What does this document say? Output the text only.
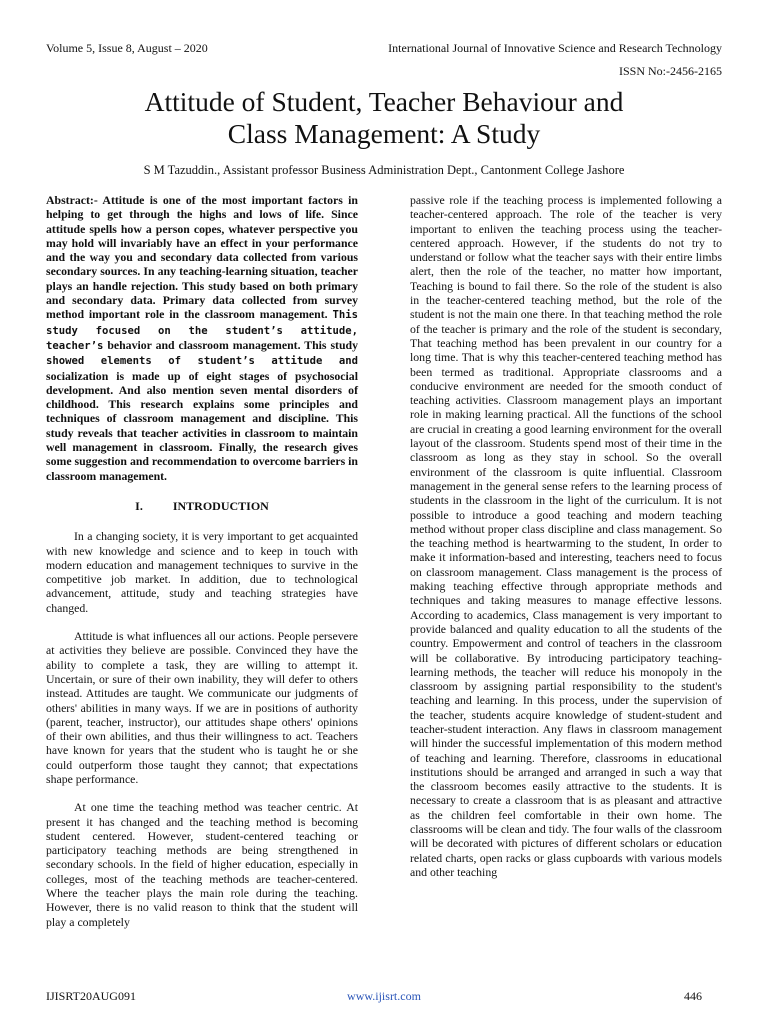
Volume 5, Issue 8, August – 2020	International Journal of Innovative Science and Research Technology
ISSN No:-2456-2165
Attitude of Student, Teacher Behaviour and
Class Management: A Study
S M Tazuddin., Assistant professor Business Administration Dept., Cantonment College Jashore

Abstract:- Attitude is one of the most important factors in helping to get through the highs and lows of life. Since attitude spells how a person copes, whatever perspective you may hold will invariably have an effect in your performance and the way you and secondary data collected from various secondary sources. In any teaching-learning situation, teacher plays an handle rejection. This study based on both primary and secondary data. Primary data collected from survey method important role in the classroom management. This study focused on the student’s attitude, teacher’s behavior and classroom management. This study showed elements of student’s attitude and socialization is made up of eight stages of psychosocial development. And also mention seven mental disorders of childhood. This research explains some principles and techniques of classroom management and discipline. This study reveals that teacher activities in classroom to maintain well management in classroom. Finally, the research gives some suggestion and recommendation to overcome barriers in classroom management.

I.	INTRODUCTION

In a changing society, it is very important to get acquainted with new knowledge and science and to keep in touch with modern education and management techniques to survive in the competitive job market. In addition, due to technological advancement, attitude, study and teaching strategies have changed.

Attitude is what influences all our actions. People persevere at activities they believe are possible. Convinced they have the ability to complete a task, they are willing to attempt it. Uncertain, or sure of their own inability, they will defer to others instead. Attitudes are taught. We communicate our judgments of others' abilities in many ways. If we are in positions of authority (parent, teacher, instructor), our attitudes shape others' opinions of their own abilities, and thus their willingness to act. Teachers have known for years that the student who is taught he or she could outperform those taught they cannot; that expectations shape performance.

At one time the teaching method was teacher centric. At present it has changed and the teaching method is becoming student centered. However, student-centered teaching or participatory teaching methods are being strengthened in secondary schools. In the field of higher education, especially in colleges, most of the teaching methods are teacher-centered. Where the teacher plays the main role during the teaching. However, there is no valid reason to think that the student will play a completely

passive role if the teaching process is implemented following a teacher-centered approach. The role of the teacher is very important to enliven the teaching process using the teacher-centered approach. However, if the students do not try to understand or follow what the teacher says with their entire limbs alert, then the role of the teacher, no matter how important, Teaching is bound to fail there. So the role of the student is also in the teacher-centered teaching method, but the role of the student is not the main one there. In that teaching method the role of the teacher is primary and the role of the student is secondary, That teaching method has been prevalent in our country for a long time. That is why this teacher-centered teaching method has been termed as traditional. Appropriate classrooms and a conducive environment are needed for the smooth conduct of teaching activities. Classroom management plays an important role in making learning practical. All the functions of the school are crucial in creating a good learning environment for the overall layout of the classroom. Students spend most of their time in the classroom as long as they stay in school. So the overall environment of the classroom is quite influential. Classroom management in the general sense refers to the learning process of students in the classroom in the light of the curriculum. It is not possible to introduce a good teaching and modern teaching method without proper class discipline and class management. So the teaching method is heartwarming to the student, In order to make it information-based and interesting, teachers need to focus on classroom management. Class management is the process of making teaching effective through appropriate methods and techniques and taking measures to manage effective lessons. According to academics, Class management is very important to provide balanced and quality education to all the students of the country. Empowerment and control of teachers in the classroom will be collaborative. By introducing participatory teaching-learning methods, the teacher will reduce his monopoly in the classroom by assigning partial responsibility to the student's teaching and learning. In this process, under the supervision of the teacher, students acquire knowledge of student-student and teacher-student interaction. Any flaws in classroom management will hinder the successful implementation of this modern method of teaching and learning. Therefore, classrooms in educational institutions should be arranged and arranged in such a way that the classroom becomes easily attractive to the students. It is necessary to create a classroom that is as pleasant and attractive as the children feel comfortable in their own home. The classrooms will be clean and tidy. The four walls of the classroom will be decorated with pictures of different scholars or education related charts, open racks or glass cupboards with various models and other teaching

IJISRT20AUG091	www.ijisrt.com	446
